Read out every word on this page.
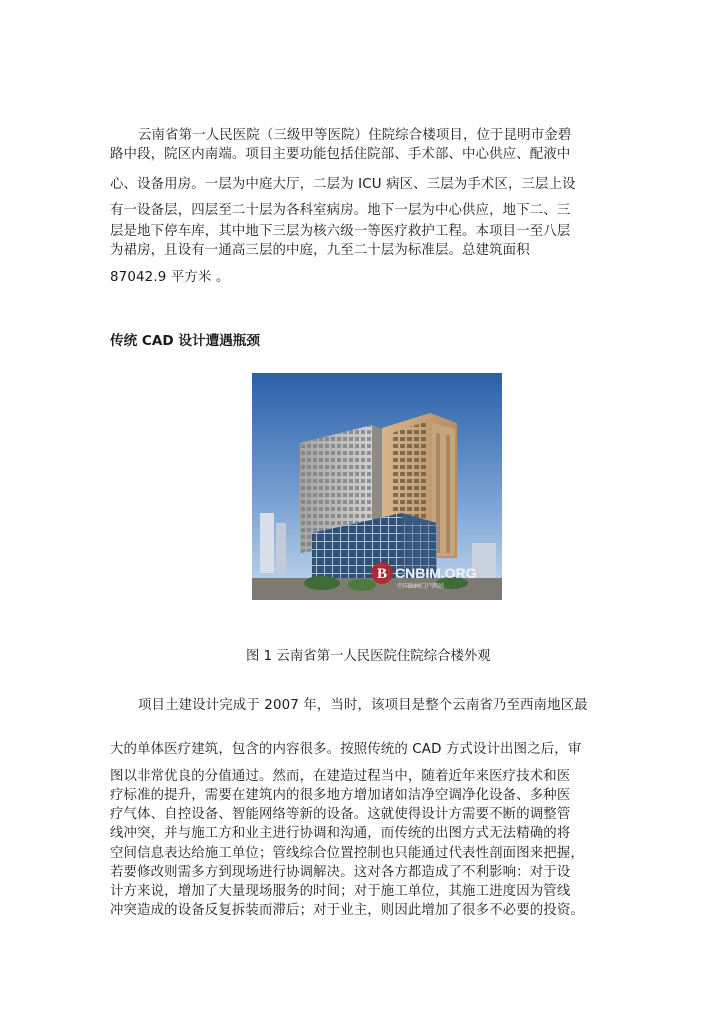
云南省第一人民医院（三级甲等医院）住院综合楼项目，位于昆明市金碧
路中段，院区内南端。项目主要功能包括住院部、手术部、中心供应、配液中
心、设备用房。一层为中庭大厅，二层为 ICU 病区、三层为手术区，三层上设
有一设备层，四层至二十层为各科室病房。地下一层为中心供应，地下二、三
层是地下停车库，其中地下三层为核六级一等医疗救护工程。本项目一至八层
为裙房，且设有一通高三层的中庭，九至二十层为标准层。总建筑面积
87042.9 平方米 。
传统 CAD 设计遭遇瓶颈
B CNBIM.ORG
中国BIM门户网站

图 1 云南省第一人民医院住院综合楼外观

项目土建设计完成于 2007 年，当时，该项目是整个云南省乃至西南地区最
大的单体医疗建筑，包含的内容很多。按照传统的 CAD 方式设计出图之后，审
图以非常优良的分值通过。然而，在建造过程当中，随着近年来医疗技术和医
疗标准的提升，需要在建筑内的很多地方增加诸如洁净空调净化设备、多种医
疗气体、自控设备、智能网络等新的设备。这就使得设计方需要不断的调整管
线冲突，并与施工方和业主进行协调和沟通，而传统的出图方式无法精确的将
空间信息表达给施工单位；管线综合位置控制也只能通过代表性剖面图来把握，
若要修改则需多方到现场进行协调解决。这对各方都造成了不利影响：对于设
计方来说，增加了大量现场服务的时间；对于施工单位，其施工进度因为管线
冲突造成的设备反复拆装而滞后；对于业主，则因此增加了很多不必要的投资。
